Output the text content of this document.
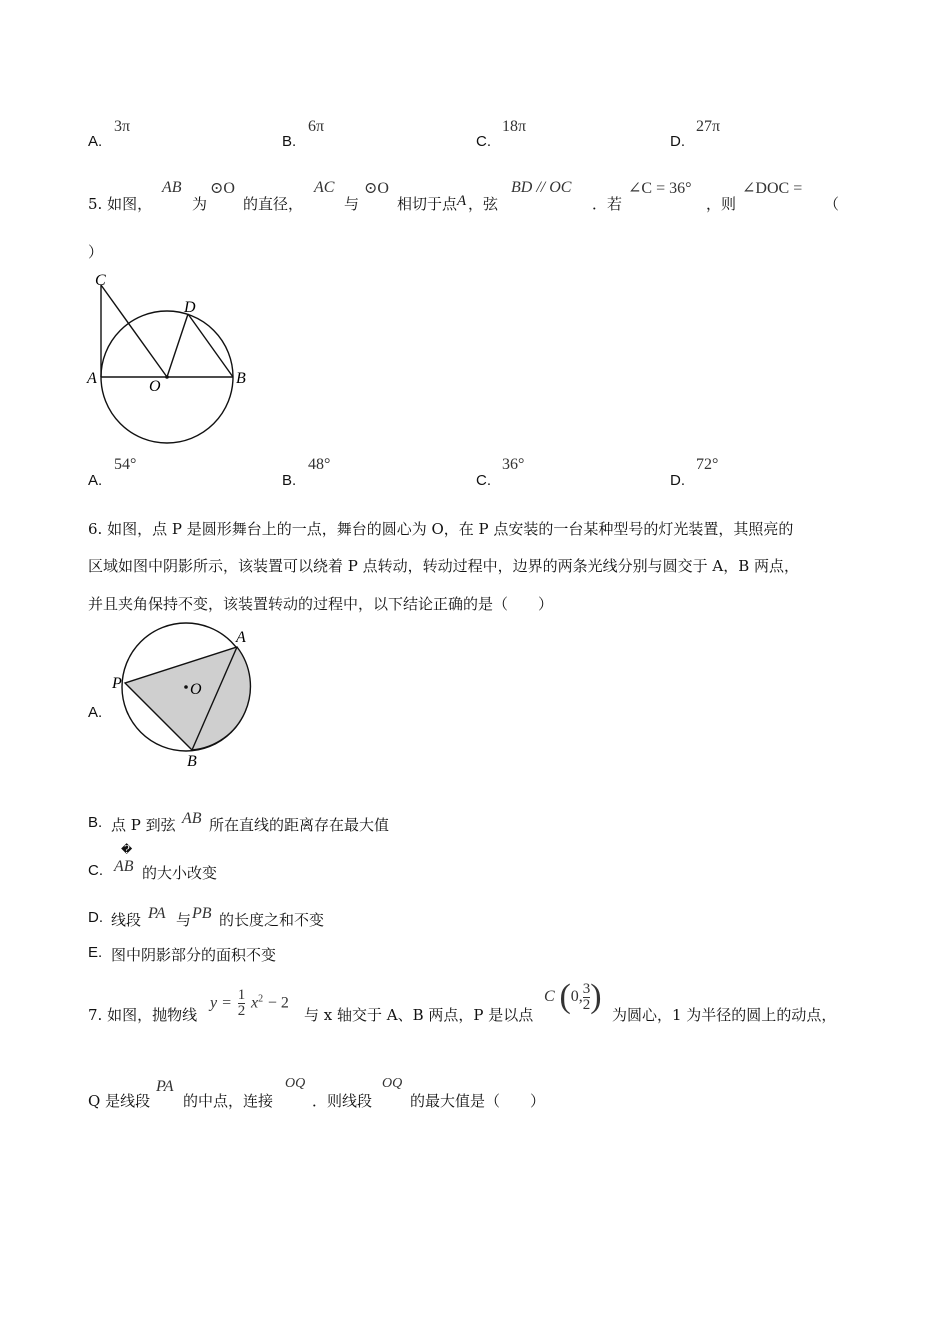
A.
3π
B.
6π
C.
18π
D.
27π
5. 如图，
AB
为
⊙O
的直径，
AC
与
⊙O
相切于点 A ，弦
BD // OC
．若
∠C = 36°
，则
∠DOC =
（
）
C
D
A	O	B
A.
54°
B.
48°
C.
36°
D.
72°
6. 如图，点 P 是圆形舞台上的一点，舞台的圆心为 O，在 P 点安装的一台某种型号的灯光装置，其照亮的
区域如图中阴影所示，该装置可以绕着 P 点转动，转动过程中，边界的两条光线分别与圆交于 A，B 两点，
并且夹角保持不变，该装置转动的过程中，以下结论正确的是（　　）
A.
P	O
A
B
B. 点 P 到弦 AB 所在直线的距离存在最大值
C.
�
AB 的大小改变
D. 线段 PA 与 PB 的长度之和不变
E. 图中阴影部分的面积不变
7. 如图，抛物线
$y = \frac{1}{2} x^2 - 2$
与 x 轴交于 A、B 两点，P 是以点
C (0, $\frac{3}{2}$ ) 为圆心，1 为半径的圆上的动点，
Q 是线段
PA
的中点，连接
OQ
．则线段
OQ
的最大值是（　　）
